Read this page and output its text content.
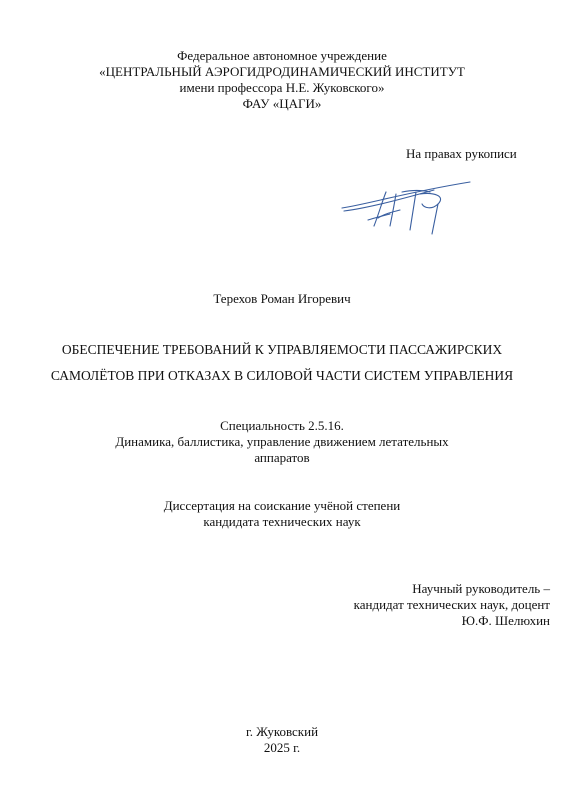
Федеральное автономное учреждение
«ЦЕНТРАЛЬНЫЙ АЭРОГИДРОДИНАМИЧЕСКИЙ ИНСТИТУТ
имени профессора Н.Е. Жуковского»
ФАУ «ЦАГИ»
На правах рукописи
Терехов Роман Игоревич
ОБЕСПЕЧЕНИЕ ТРЕБОВАНИЙ К УПРАВЛЯЕМОСТИ ПАССАЖИРСКИХ
САМОЛЁТОВ ПРИ ОТКАЗАХ В СИЛОВОЙ ЧАСТИ СИСТЕМ УПРАВЛЕНИЯ
Специальность 2.5.16.
Динамика, баллистика, управление движением летательных
аппаратов
Диссертация на соискание учёной степени
кандидата технических наук
Научный руководитель –
кандидат технических наук, доцент
Ю.Ф. Шелюхин
г. Жуковский
2025 г.
